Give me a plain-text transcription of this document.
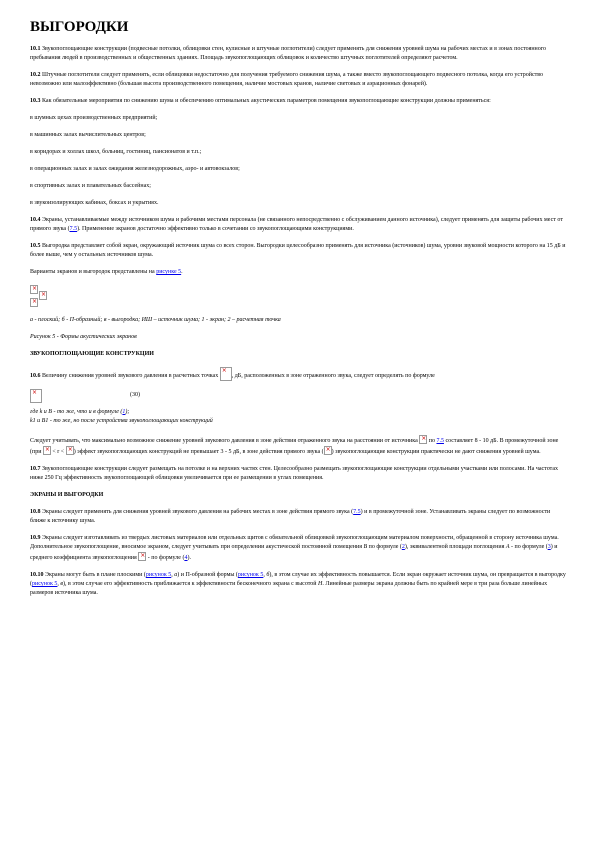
ВЫГОРОДКИ

10.1 Звукопоглощающие конструкции (подвесные потолки, облицовки стен, кулисные и штучные поглотители) следует применять для снижения уровней шума на рабочих местах и в зонах постоянного пребывания людей в производственных и общественных зданиях. Площадь звукопоглощающих облицовок и количество штучных поглотителей определяют расчетом.

10.2 Штучные поглотители следует применять, если облицовки недостаточно для получения требуемого снижения шума, а также вместо звукопоглощающего подвесного потолка, когда его устройство невозможно или малоэффективно (большая высота производственного помещения, наличие мостовых кранов, наличие световых и аэрационных фонарей).

10.3 Как обязательные мероприятия по снижению шума и обеспечению оптимальных акустических параметров помещения звукопоглощающие конструкции должны применяться:

в шумных цехах производственных предприятий;

в машинных залах вычислительных центров;

в коридорах и холлах школ, больниц, гостиниц, пансионатов и т.п.;

в операционных залах и залах ожидания железнодорожных, аэро- и автовокзалов;

в спортивных залах и плавательных бассейнах;

в звукоизолирующих кабинах, боксах и укрытиях.

10.4 Экраны, устанавливаемые между источником шума и рабочими местами персонала (не связанного непосредственно с обслуживанием данного источника), следует применять для защиты рабочих мест от прямого звука (7.5). Применение экранов достаточно эффективно только в сочетании со звукопоглощающими конструкциями.

10.5 Выгородка представляет собой экран, окружающий источник шума со всех сторон. Выгородки целесообразно применять для источника (источников) шума, уровни звуковой мощности которого на 15 дБ и более выше, чем у остальных источников шума.

Варианты экранов и выгородок представлены на рисунке 5.

×
×
×

а - плоский; б - П-образный; в - выгородка; ИШ – источник шума; 1 - экран; 2 – расчетная точка

Рисунок 5 - Формы акустических экранов

ЗВУКОПОГЛОЩАЮЩИЕ КОНСТРУКЦИИ

10.6 Величину снижения уровней звукового давления в расчетных точках ×, дБ, расположенных в зоне отраженного звука, следует определять по формуле

×
(30)
где k и B - то же, что и в формуле (1);
k1 и B1 - то же, но после устройства звукопоглощающих конструкций

Следует учитывать, что максимально возможное снижение уровней звукового давления в зоне действия отраженного звука на расстоянии от источника × по 7.5 составляет 8 - 10 дБ. В промежуточной зоне (при × < r < ×) эффект звукопоглощающих конструкций не превышает 3 - 5 дБ, в зоне действия прямого звука (× ) звукопоглощающие конструкции практически не дают снижения уровней шума.

10.7 Звукопоглощающие конструкции следует размещать на потолке и на верхних частях стен. Целесообразно размещать звукопоглощающие конструкции отдельными участками или полосами. На частотах ниже 250 Гц эффективность звукопоглощающей облицовки увеличивается при ее размещении в углах помещения.

ЭКРАНЫ И ВЫГОРОДКИ

10.8 Экраны следует применять для снижения уровней звукового давления на рабочих местах в зоне действия прямого звука (7.5) и в промежуточной зоне. Устанавливать экраны следует по возможности ближе к источнику шума.

10.9 Экраны следует изготавливать из твердых листовых материалов или отдельных щитов с обязательной облицовкой звукопоглощающим материалом поверхности, обращенной в сторону источника шума. Дополнительное звукопоглощение, вносимое экраном, следует учитывать при определении акустической постоянной помещения B по формуле (2), эквивалентной площади поглощения A - по формуле (3) и среднего коэффициента звукопоглощения × - по формуле (4).

10.10 Экраны могут быть в плане плоскими (рисунок 5, а) и П-образной формы (рисунок 5, б), в этом случае их эффективность повышается. Если экран окружает источник шума, он превращается в выгородку (рисунок 5, в), в этом случае его эффективность приближается к эффективности бесконечного экрана с высотой H. Линейные размеры экрана должны быть по крайней мере в три раза больше линейных размеров источника шума.
